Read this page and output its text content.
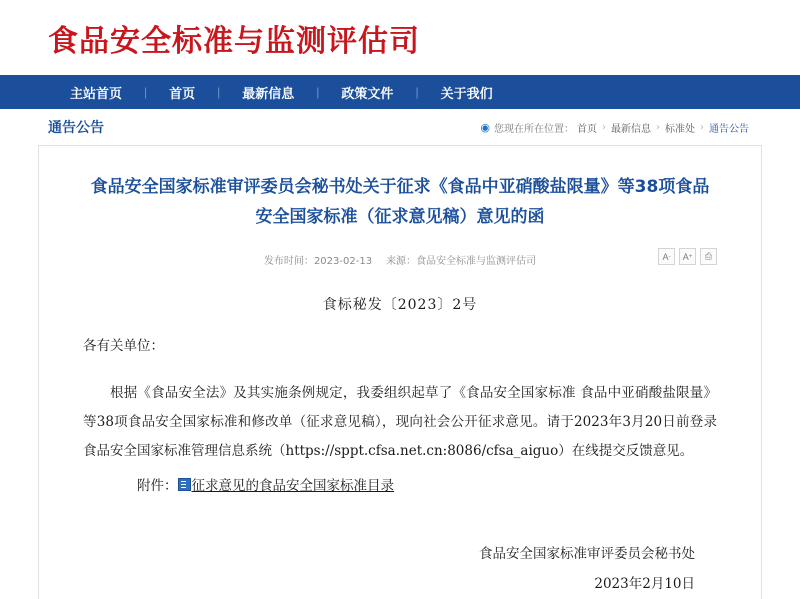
食品安全标准与监测评估司
主站首页	|	首页	|	最新信息	|	政策文件	|	关于我们
通告公告	◉ 您现在所在位置： 首页 › 最新信息 › 标准处 › 通告公告
食品安全国家标准审评委员会秘书处关于征求《食品中亚硝酸盐限量》等38项食品安全国家标准（征求意见稿）意见的函
发布时间：2023-02-13 来源：食品安全标准与监测评估司	A - A + ⎙
食标秘发〔2023〕2号
各有关单位：
根据《食品安全法》及其实施条例规定，我委组织起草了《食品安全国家标准 食品中亚硝酸盐限量》等38项食品安全国家标准和修改单（征求意见稿），现向社会公开征求意见。请于2023年3月20日前登录食品安全国家标准管理信息系统（https://sppt.cfsa.net.cn:8086/cfsa_aiguo）在线提交反馈意见。
附件： 征求意见的食品安全国家标准目录
食品安全国家标准审评委员会秘书处
2023年2月10日
